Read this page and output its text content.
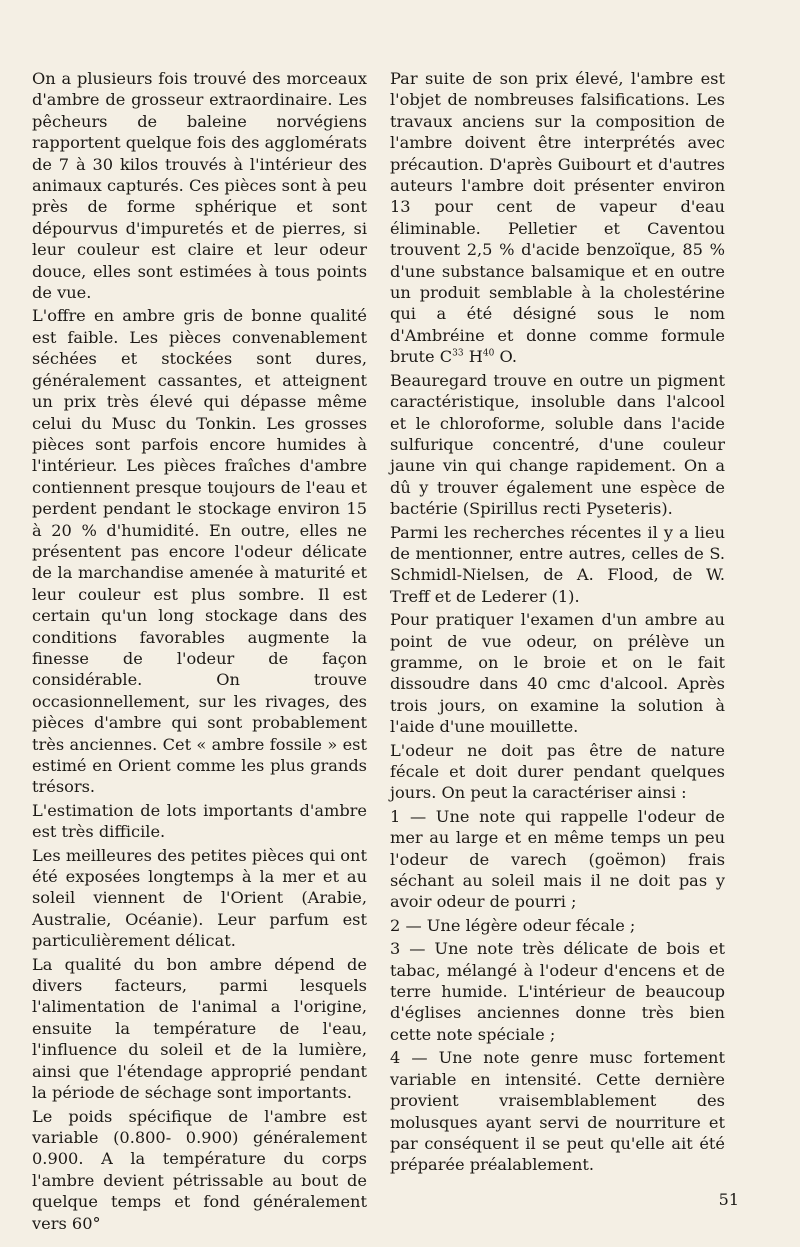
On a plusieurs fois trouvé des morceaux d'ambre de grosseur extraordinaire. Les pêcheurs de baleine norvégiens rapportent quelque fois des agglomérats de 7 à 30 kilos trouvés à l'intérieur des animaux capturés. Ces pièces sont à peu près de forme sphérique et sont dépourvus d'impuretés et de pierres, si leur couleur est claire et leur odeur douce, elles sont estimées à tous points de vue.

L'offre en ambre gris de bonne qualité est faible. Les pièces convenablement séchées et stockées sont dures, généralement cassantes, et atteignent un prix très élevé qui dépasse même celui du Musc du Tonkin. Les grosses pièces sont parfois encore humides à l'intérieur. Les pièces fraîches d'ambre contiennent presque toujours de l'eau et perdent pendant le stockage environ 15 à 20 % d'humidité. En outre, elles ne présentent pas encore l'odeur délicate de la marchandise amenée à maturité et leur couleur est plus sombre. Il est certain qu'un long stockage dans des conditions favorables augmente la finesse de l'odeur de façon considérable. On trouve occasionnellement, sur les rivages, des pièces d'ambre qui sont probablement très anciennes. Cet « ambre fossile » est estimé en Orient comme les plus grands trésors.

L'estimation de lots importants d'ambre est très difficile.

Les meilleures des petites pièces qui ont été exposées longtemps à la mer et au soleil viennent de l'Orient (Arabie, Australie, Océanie). Leur parfum est particulièrement délicat.

La qualité du bon ambre dépend de divers facteurs, parmi lesquels l'alimentation de l'animal a l'origine, ensuite la température de l'eau, l'influence du soleil et de la lumière, ainsi que l'étendage approprié pendant la période de séchage sont importants.

Le poids spécifique de l'ambre est variable (0.800- 0.900) généralement 0.900. A la température du corps l'ambre devient pétrissable au bout de quelque temps et fond généralement vers 60°

Par suite de son prix élevé, l'ambre est l'objet de nombreuses falsifications. Les travaux anciens sur la composition de l'ambre doivent être interprétés avec précaution. D'après Guibourt et d'autres auteurs l'ambre doit présenter environ 13 pour cent de vapeur d'eau éliminable. Pelletier et Caventou trouvent 2,5 % d'acide benzoïque, 85 % d'une substance balsamique et en outre un produit semblable à la cholestérine qui a été désigné sous le nom d'Ambréine et donne comme formule brute $C^{33}$ $H^{40}$ O.

Beauregard trouve en outre un pigment caractéristique, insoluble dans l'alcool et le chloroforme, soluble dans l'acide sulfurique concentré, d'une couleur jaune vin qui change rapidement. On a dû y trouver également une espèce de bactérie (Spirillus recti Pyseteris).

Parmi les recherches récentes il y a lieu de mentionner, entre autres, celles de S. Schmidl-Nielsen, de A. Flood, de W. Treff et de Lederer (1).

Pour pratiquer l'examen d'un ambre au point de vue odeur, on prélève un gramme, on le broie et on le fait dissoudre dans 40 cmc d'alcool. Après trois jours, on examine la solution à l'aide d'une mouillette.

L'odeur ne doit pas être de nature fécale et doit durer pendant quelques jours. On peut la caractériser ainsi :

1 — Une note qui rappelle l'odeur de mer au large et en même temps un peu l'odeur de varech (goëmon) frais séchant au soleil mais il ne doit pas y avoir odeur de pourri ;

2 — Une légère odeur fécale ;

3 — Une note très délicate de bois et tabac, mélangé à l'odeur d'encens et de terre humide. L'intérieur de beaucoup d'églises anciennes donne très bien cette note spéciale ;

4 — Une note genre musc fortement variable en intensité. Cette dernière provient vraisemblablement des molusques ayant servi de nourriture et par conséquent il se peut qu'elle ait été préparée préalablement.

51
